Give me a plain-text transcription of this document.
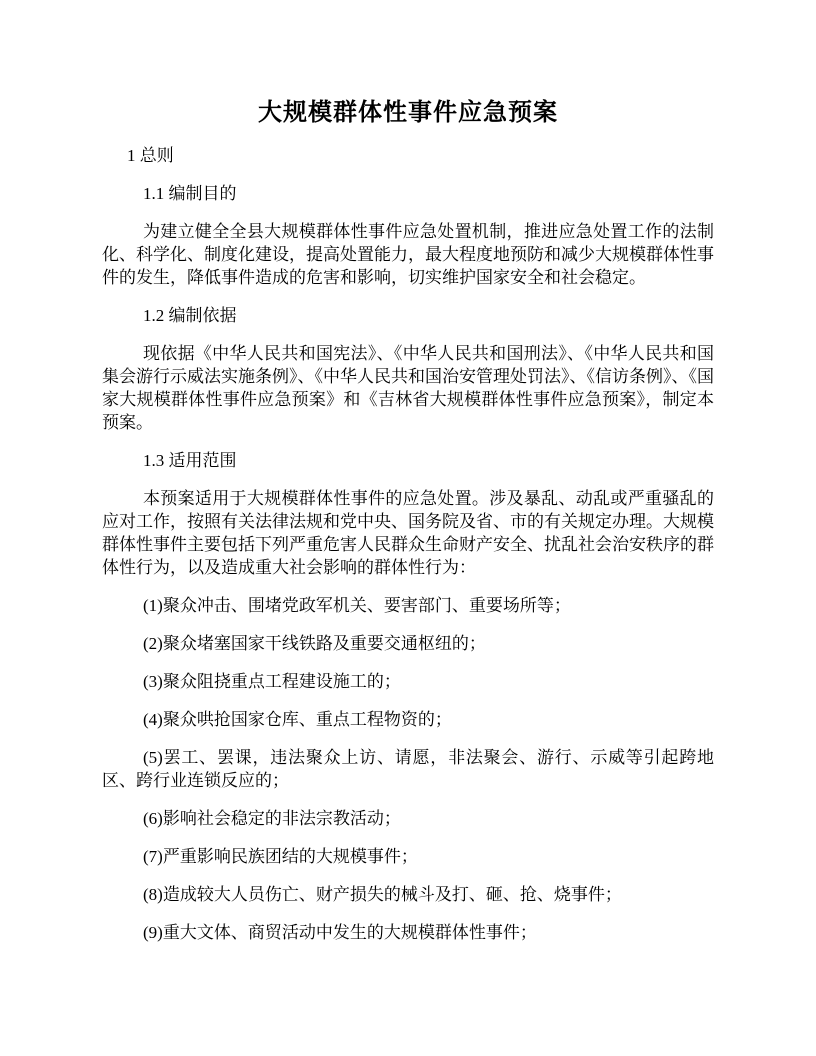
大规模群体性事件应急预案

1 总则

1.1 编制目的

为建立健全全县大规模群体性事件应急处置机制，推进应急处置工作的法制化、科学化、制度化建设，提高处置能力，最大程度地预防和减少大规模群体性事件的发生，降低事件造成的危害和影响，切实维护国家安全和社会稳定。

1.2 编制依据

现依据《中华人民共和国宪法》、《中华人民共和国刑法》、《中华人民共和国集会游行示威法实施条例》、《中华人民共和国治安管理处罚法》、《信访条例》、《国家大规模群体性事件应急预案》和《吉林省大规模群体性事件应急预案》，制定本预案。

1.3 适用范围

本预案适用于大规模群体性事件的应急处置。涉及暴乱、动乱或严重骚乱的应对工作，按照有关法律法规和党中央、国务院及省、市的有关规定办理。大规模群体性事件主要包括下列严重危害人民群众生命财产安全、扰乱社会治安秩序的群体性行为，以及造成重大社会影响的群体性行为：

(1)聚众冲击、围堵党政军机关、要害部门、重要场所等；

(2)聚众堵塞国家干线铁路及重要交通枢纽的；

(3)聚众阻挠重点工程建设施工的；

(4)聚众哄抢国家仓库、重点工程物资的；

(5)罢工、罢课，违法聚众上访、请愿，非法聚会、游行、示威等引起跨地区、跨行业连锁反应的；

(6)影响社会稳定的非法宗教活动；

(7)严重影响民族团结的大规模事件；

(8)造成较大人员伤亡、财产损失的械斗及打、砸、抢、烧事件；

(9)重大文体、商贸活动中发生的大规模群体性事件；
